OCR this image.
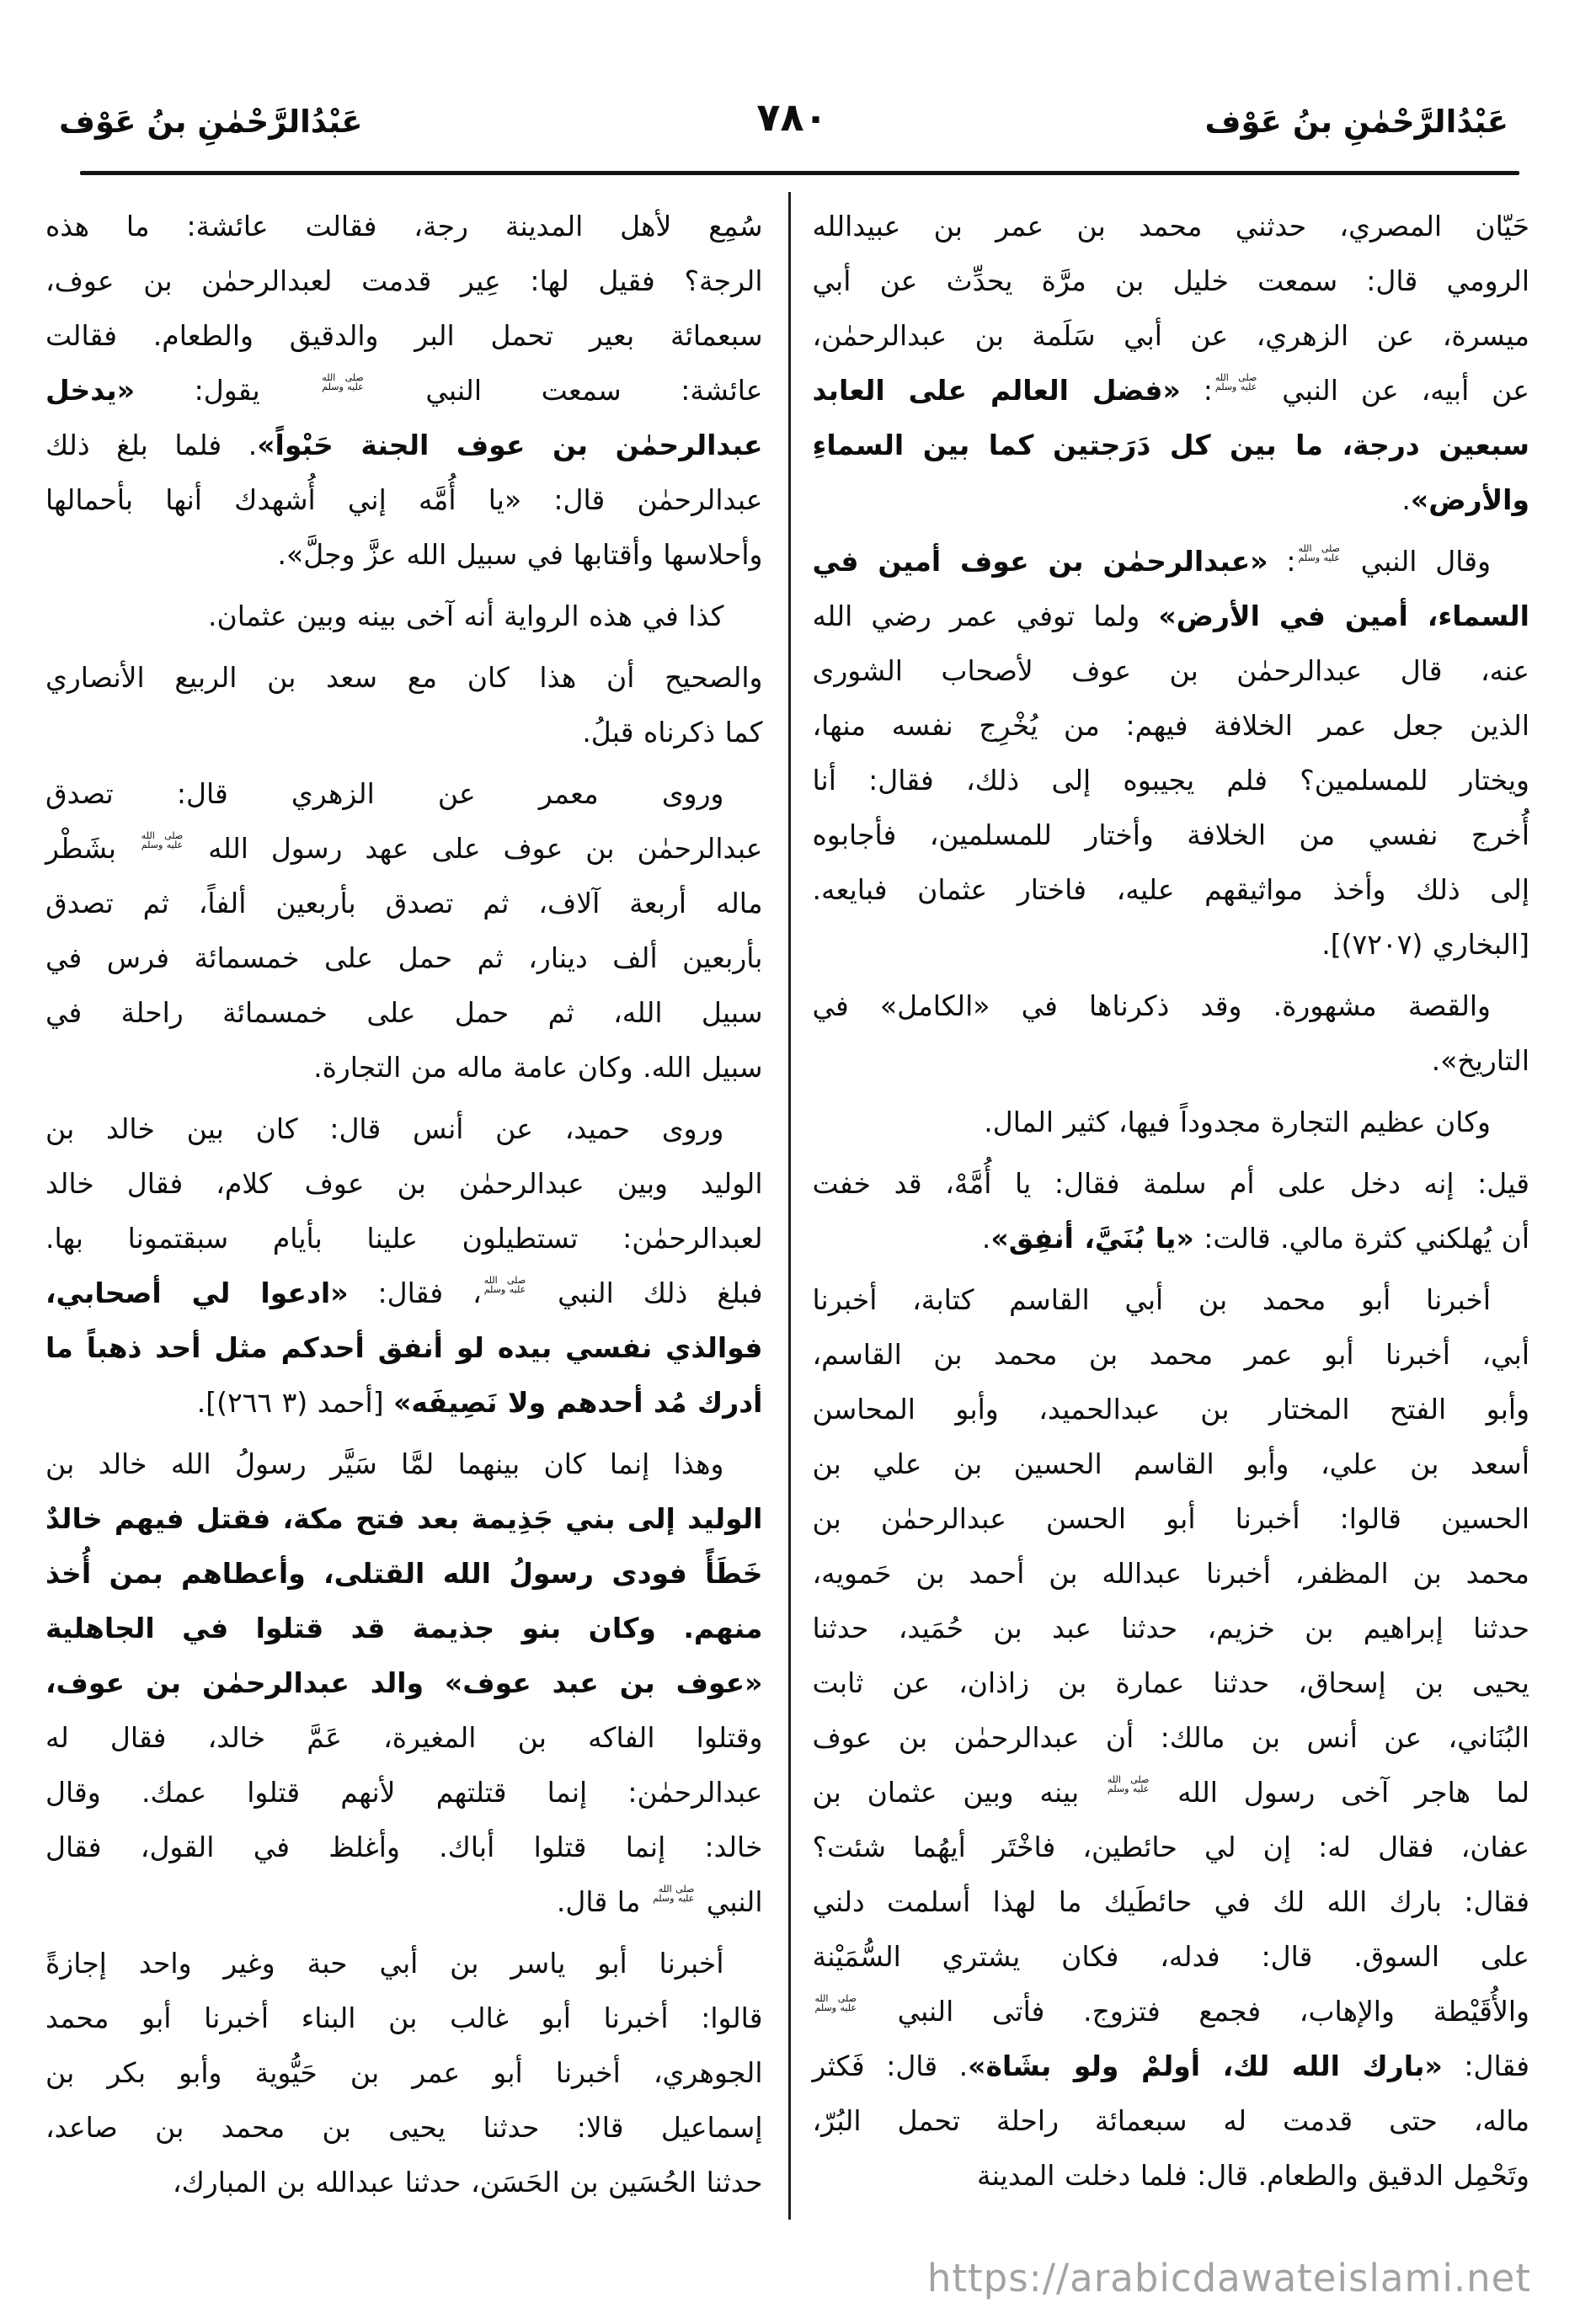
عَبْدُالرَّحْمٰنِ بنُ عَوْف
٧٨٠
عَبْدُالرَّحْمٰنِ بنُ عَوْف
حَيّان المصري، حدثني محمد بن عمر بن عبيدالله
الرومي قال: سمعت خليل بن مرَّة يحدِّث عن أبي
ميسرة، عن الزهري، عن أبي سَلَمة بن عبدالرحمٰن،
عن أبيه، عن النبي
صلى الله
عليه وسلم
: «فضل العالم على العابد
سبعين درجة، ما بين كل دَرَجتين كما بين السماءِ
والأرض».
وقال النبي
صلى الله
عليه وسلم
: «عبدالرحمٰن بن عوف أمين في
السماء، أمين في الأرض» ولما توفي عمر رضي الله
عنه، قال عبدالرحمٰن بن عوف لأصحاب الشورى
الذين جعل عمر الخلافة فيهم: من يُخْرِج نفسه منها،
ويختار للمسلمين؟ فلم يجيبوه إلى ذلك، فقال: أنا
أُخرج نفسي من الخلافة وأختار للمسلمين، فأجابوه
إلى ذلك وأخذ مواثيقهم عليه، فاختار عثمان فبايعه.
[البخاري (٧٢٠٧)].
والقصة مشهورة. وقد ذكرناها في «الكامل» في
التاريخ».
وكان عظيم التجارة مجدوداً فيها، كثير المال.
قيل: إنه دخل على أم سلمة فقال: يا أُمَّهْ، قد خفت
أن يُهلكني كثرة مالي. قالت: «يا بُنَيَّ، أنفِق».
أخبرنا أبو محمد بن أبي القاسم كتابة، أخبرنا
أبي، أخبرنا أبو عمر محمد بن محمد بن القاسم،
وأبو الفتح المختار بن عبدالحميد، وأبو المحاسن
أسعد بن علي، وأبو القاسم الحسين بن علي بن
الحسين قالوا: أخبرنا أبو الحسن عبدالرحمٰن بن
محمد بن المظفر، أخبرنا عبدالله بن أحمد بن حَمويه،
حدثنا إبراهيم بن خزيم، حدثنا عبد بن حُمَيد، حدثنا
يحيى بن إسحاق، حدثنا عمارة بن زاذان، عن ثابت
البُنَاني، عن أنس بن مالك: أن عبدالرحمٰن بن عوف
لما هاجر آخى رسول الله
صلى الله
عليه وسلم
بينه وبين عثمان بن
عفان، فقال له: إن لي حائطين، فاخْتَر أيهُما شئت؟
فقال: بارك الله لك في حائطَيك ما لهذا أسلمت دلني
على السوق. قال: فدله، فكان يشتري السُّمَيْنة
والأُقَيْطة والإهاب، فجمع فتزوج. فأتى النبي
صلى الله
عليه وسلم
فقال: «بارك الله لك، أولمْ ولو بشَاة». قال: فَكثر
ماله، حتى قدمت له سبعمائة راحلة تحمل البُرّ،
وتَحْمِل الدقيق والطعام. قال: فلما دخلت المدينة
سُمِع لأهل المدينة رجة، فقالت عائشة: ما هذه
الرجة؟ فقيل لها: عِير قدمت لعبدالرحمٰن بن عوف،
سبعمائة بعير تحمل البر والدقيق والطعام. فقالت
عائشة: سمعت النبي
صلى الله
عليه وسلم
يقول: «يدخل
عبدالرحمٰن بن عوف الجنة حَبْواً». فلما بلغ ذلك
عبدالرحمٰن قال: «يا أُمَّه إني أُشهدك أنها بأحمالها
وأحلاسها وأقتابها في سبيل الله عزَّ وجلَّ».
كذا في هذه الرواية أنه آخى بينه وبين عثمان.
والصحيح أن هذا كان مع سعد بن الربيع الأنصاري
كما ذكرناه قبلُ.
وروى معمر عن الزهري قال: تصدق
عبدالرحمٰن بن عوف على عهد رسول الله
صلى الله
عليه وسلم
بشَطْر
ماله أربعة آلاف، ثم تصدق بأربعين ألفاً، ثم تصدق
بأربعين ألف دينار، ثم حمل على خمسمائة فرس في
سبيل الله، ثم حمل على خمسمائة راحلة في
سبيل الله. وكان عامة ماله من التجارة.
وروى حميد، عن أنس قال: كان بين خالد بن
الوليد وبين عبدالرحمٰن بن عوف كلام، فقال خالد
لعبدالرحمٰن: تستطيلون علينا بأيام سبقتمونا بها.
فبلغ ذلك النبي
صلى الله
عليه وسلم
، فقال: «ادعوا لي أصحابي،
فوالذي نفسي بيده لو أنفق أحدكم مثل أحد ذهباً ما
أدرك مُد أحدهم ولا نَصِيفَه» [أحمد (٣ ٢٦٦)].
وهذا إنما كان بينهما لمَّا سَيَّر رسولُ الله خالد بن
الوليد إلى بني جَذِيمة بعد فتح مكة، فقتل فيهم خالدٌ
خَطَأً فودى رسولُ الله القتلى، وأعطاهم بمن أُخذ
منهم. وكان بنو جذيمة قد قتلوا في الجاهلية
«عوف بن عبد عوف» والد عبدالرحمٰن بن عوف،
وقتلوا الفاكه بن المغيرة، عَمَّ خالد، فقال له
عبدالرحمٰن: إنما قتلتهم لأنهم قتلوا عمك. وقال
خالد: إنما قتلوا أباك. وأغلظ في القول، فقال
النبي
صلى الله
عليه وسلم
ما قال.
أخبرنا أبو ياسر بن أبي حبة وغير واحد إجازةً
قالوا: أخبرنا أبو غالب بن البناء أخبرنا أبو محمد
الجوهري، أخبرنا أبو عمر بن حَيُّوية وأبو بكر بن
إسماعيل قالا: حدثنا يحيى بن محمد بن صاعد،
حدثنا الحُسَين بن الحَسَن، حدثنا عبدالله بن المبارك،
https://arabicdawateislami.net
